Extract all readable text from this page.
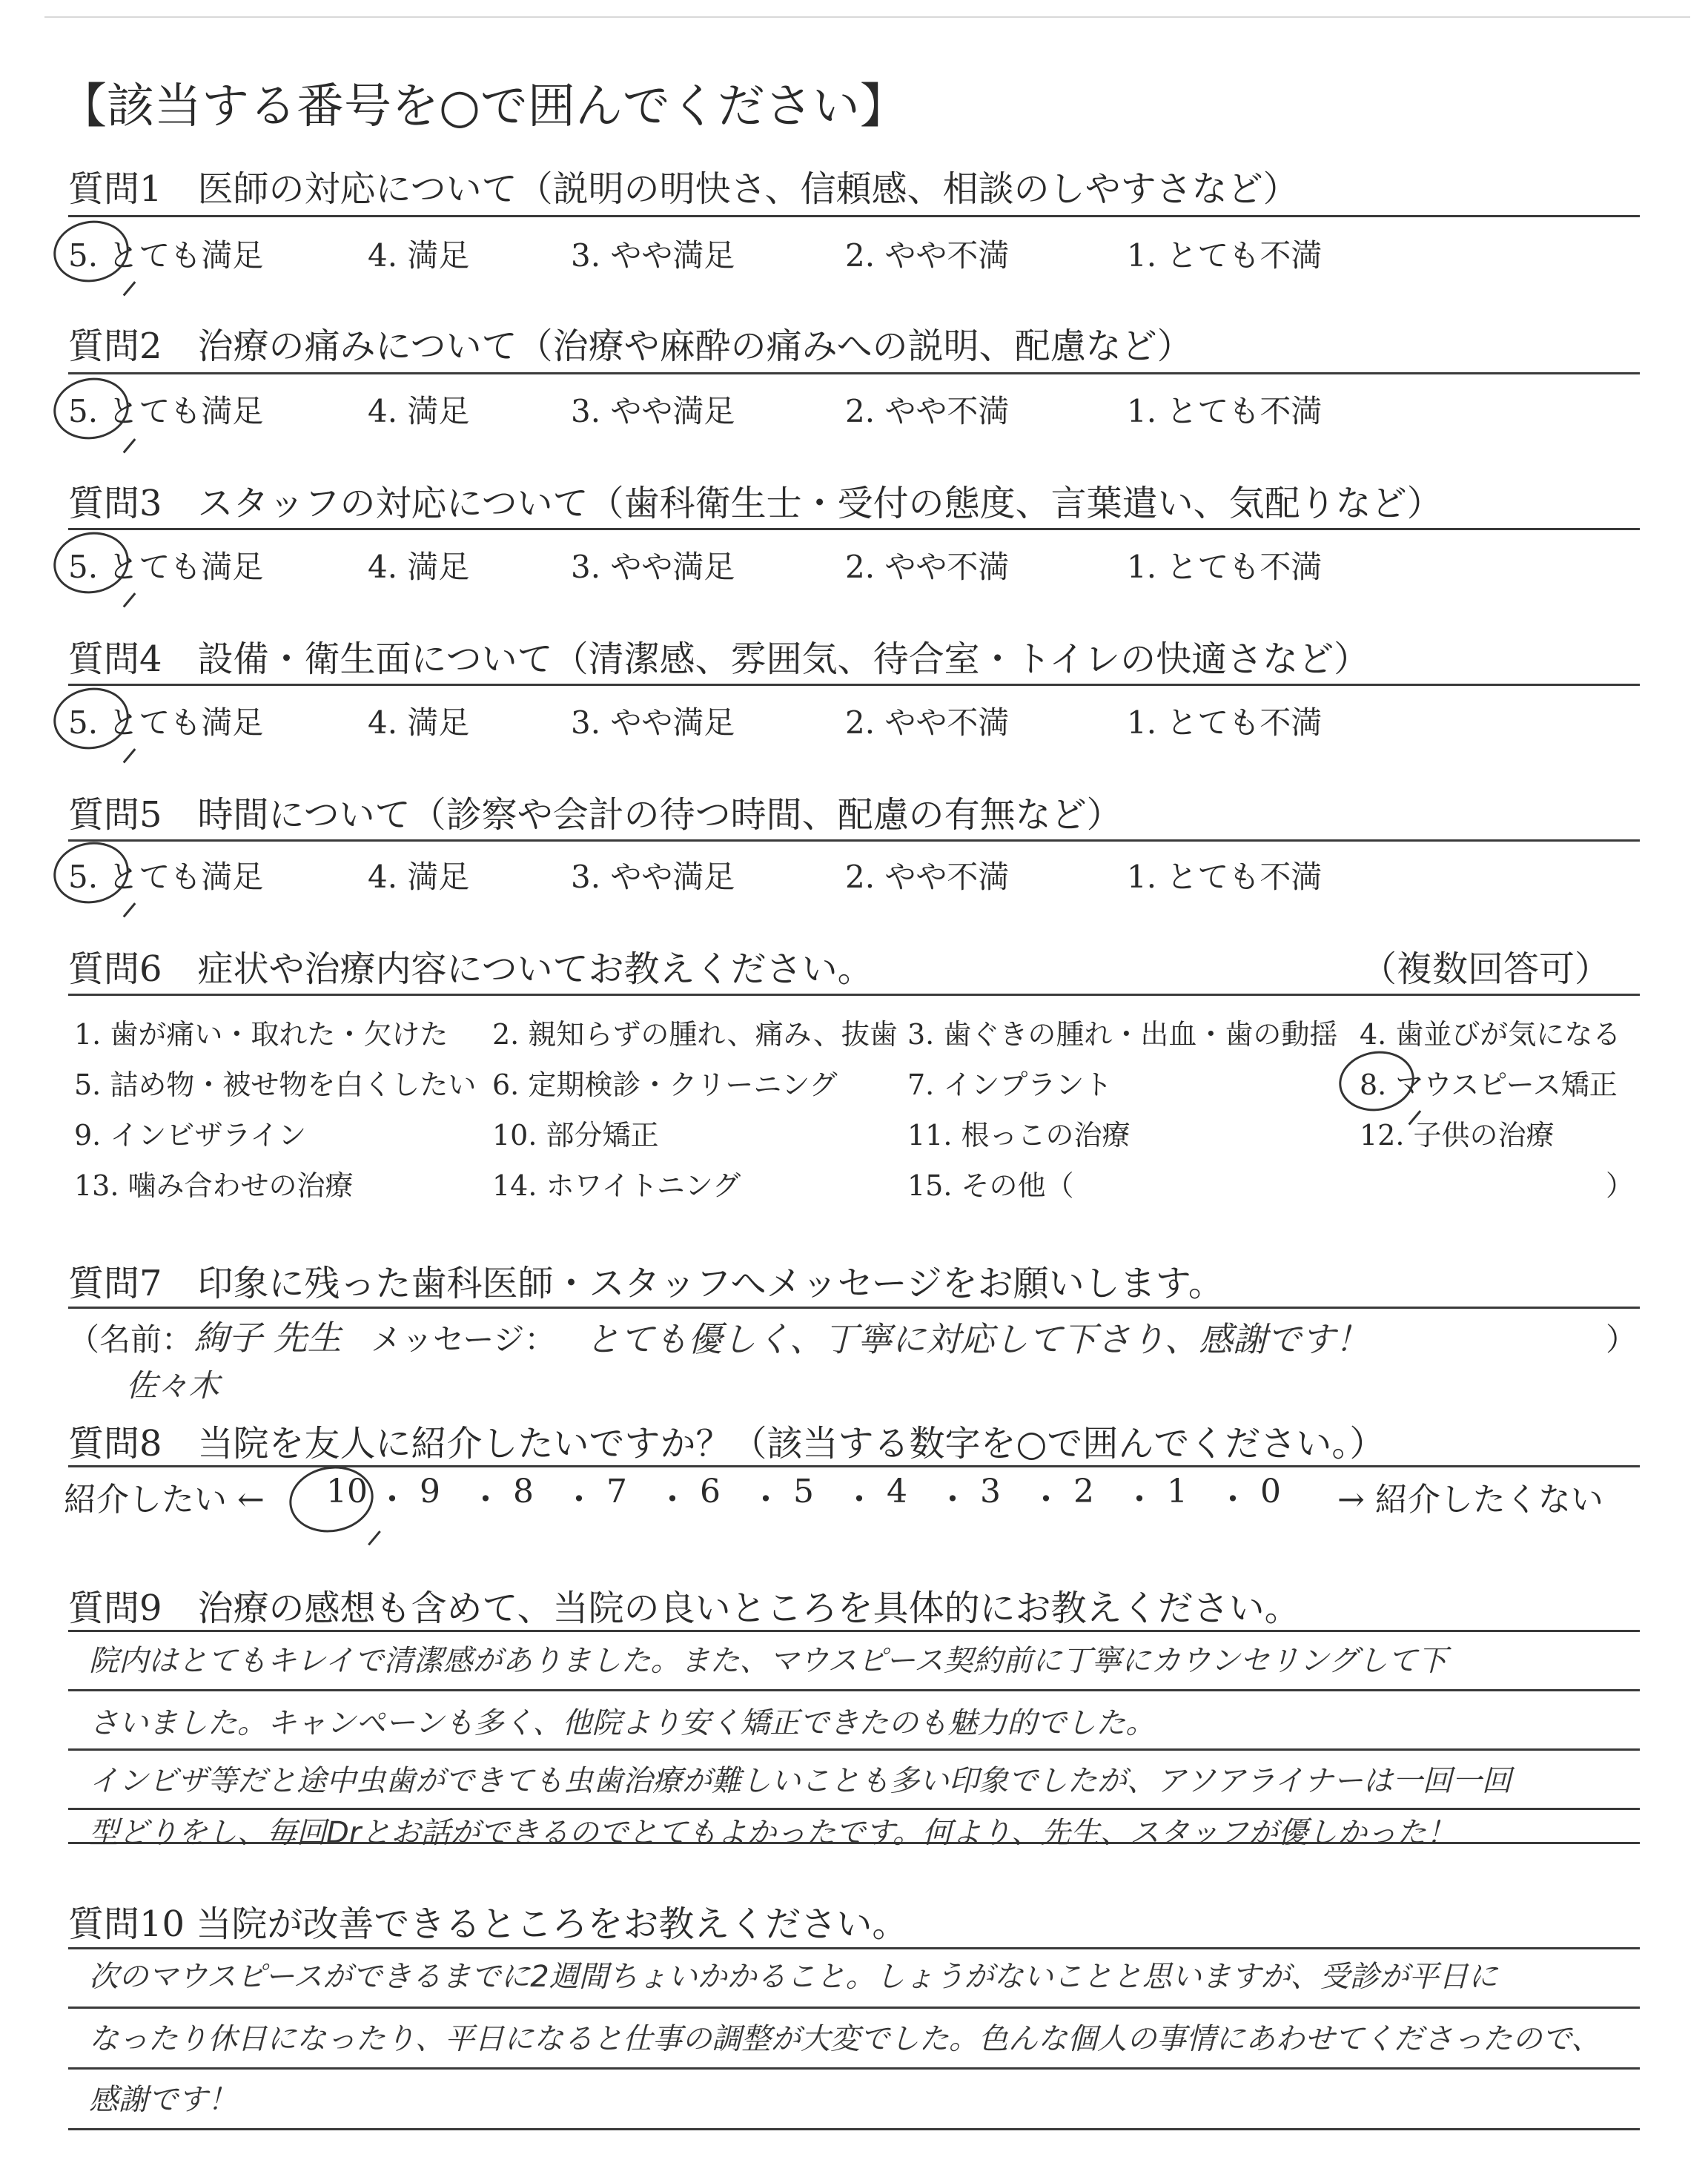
【該当する番号を○で囲んでください】
質問1　医師の対応について（説明の明快さ、信頼感、相談のしやすさなど）
5. とても満足	4. 満足	3. やや満足	2. やや不満	1. とても不満
質問2　治療の痛みについて（治療や麻酔の痛みへの説明、配慮など）
5. とても満足	4. 満足	3. やや満足	2. やや不満	1. とても不満
質問3　スタッフの対応について（歯科衛生士・受付の態度、言葉遣い、気配りなど）
5. とても満足	4. 満足	3. やや満足	2. やや不満	1. とても不満
質問4　設備・衛生面について（清潔感、雰囲気、待合室・トイレの快適さなど）
5. とても満足	4. 満足	3. やや満足	2. やや不満	1. とても不満
質問5　時間について（診察や会計の待つ時間、配慮の有無など）
5. とても満足	4. 満足	3. やや満足	2. やや不満	1. とても不満
質問6　症状や治療内容についてお教えください。	（複数回答可）
1. 歯が痛い・取れた・欠けた 2. 親知らずの腫れ、痛み、抜歯 3. 歯ぐきの腫れ・出血・歯の動揺 4. 歯並びが気になる
5. 詰め物・被せ物を白くしたい 6. 定期検診・クリーニング 7. インプラント	8. マウスピース矯正
9. インビザライン	10. 部分矯正	11. 根っこの治療	12. 子供の治療
13. 噛み合わせの治療	14. ホワイトニング	15. その他（	）
質問7　印象に残った歯科医師・スタッフへメッセージをお願いします。
（名前： 絢子 先生
佐々木
メッセージ： とても優しく、丁寧に対応して下さり、感謝です！	）
質問8　当院を友人に紹介したいですか？（該当する数字を○で囲んでください。）
紹介したい ←	→ 紹介したくない
10 ・ 9 ・ 8 ・ 7 ・ 6 ・ 5 ・ 4 ・ 3 ・ 2 ・ 1 ・ 0
質問9　治療の感想も含めて、当院の良いところを具体的にお教えください。
院内はとてもキレイで清潔感がありました。また、マウスピース契約前に丁寧にカウンセリングして下
さいました。キャンペーンも多く、他院より安く矯正できたのも魅力的でした。
インビザ等だと途中虫歯ができても虫歯治療が難しいことも多い印象でしたが、アソアライナーは一回一回
型どりをし、毎回Drとお話ができるのでとてもよかったです。何より、先生、スタッフが優しかった！
質問10 当院が改善できるところをお教えください。
次のマウスピースができるまでに2週間ちょいかかること。しょうがないことと思いますが、受診が平日に
なったり休日になったり、平日になると仕事の調整が大変でした。色んな個人の事情にあわせてくださったので、
感謝です！
